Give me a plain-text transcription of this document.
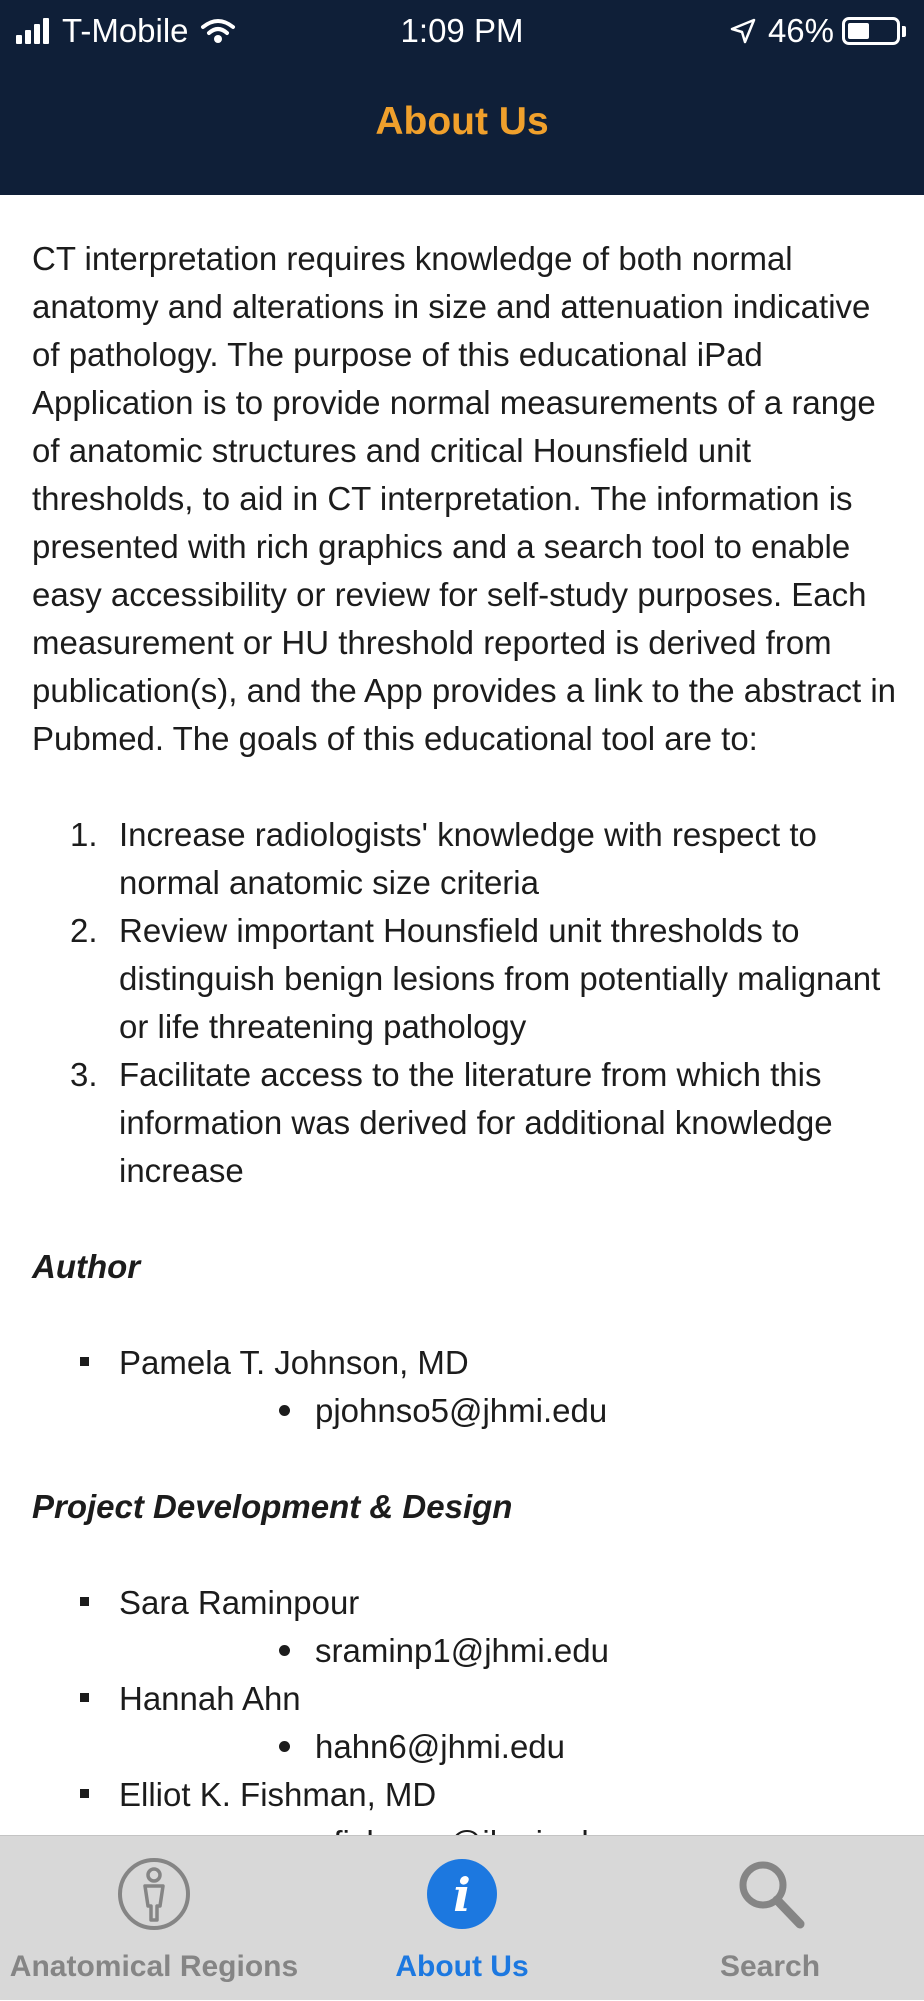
T-Mobile	1:09 PM	46%
About Us

CT interpretation requires knowledge of both normal anatomy and alterations in size and attenuation indicative of pathology. The purpose of this educational iPad Application is to provide normal measurements of a range of anatomic structures and critical Hounsfield unit thresholds, to aid in CT interpretation. The information is presented with rich graphics and a search tool to enable easy accessibility or review for self-study purposes. Each measurement or HU threshold reported is derived from publication(s), and the App provides a link to the abstract in Pubmed. The goals of this educational tool are to:

1. Increase radiologists' knowledge with respect to normal anatomic size criteria
2. Review important Hounsfield unit thresholds to distinguish benign lesions from potentially malignant or life threatening pathology
3. Facilitate access to the literature from which this information was derived for additional knowledge increase
Author
Pamela T. Johnson, MD
pjohnso5@jhmi.edu
Project Development & Design
Sara Raminpour
sraminp1@jhmi.edu
Hannah Ahn
hahn6@jhmi.edu
Elliot K. Fishman, MD
Anatomical Regions
i
About Us	Search
